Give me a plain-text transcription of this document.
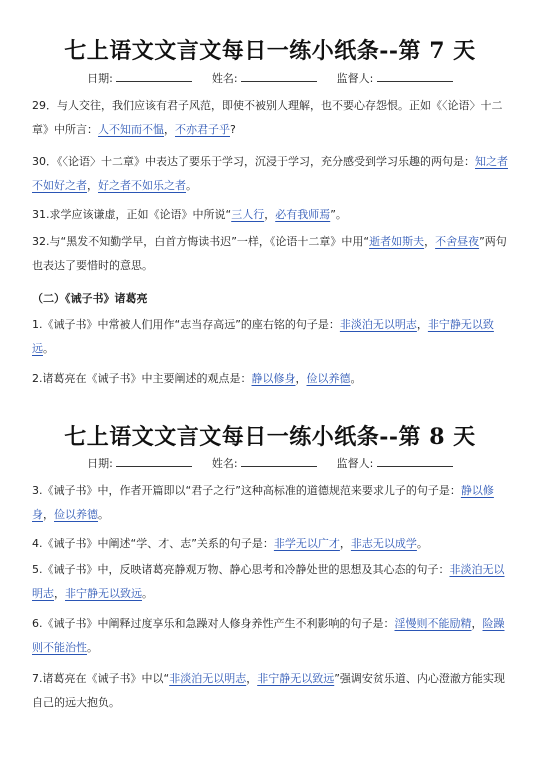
七上语文文言文每日一练小纸条--第 7 天
日期:	姓名:	监督人:
29．与人交往，我们应该有君子风范，即使不被别人理解，也不要心存怨恨。正如《〈论语〉十二章》中所言：人不知而不愠，不亦君子乎?
30．《〈论语〉十二章》中表达了要乐于学习，沉浸于学习，充分感受到学习乐趣的两句是：知之者不如好之者，好之者不如乐之者。
31.求学应该谦虚，正如《论语》中所说“三人行，必有我师焉”。
32.与“黑发不知勤学早，白首方悔读书迟”一样，《论语十二章》中用“逝者如斯夫，不舍昼夜”两句也表达了要惜时的意思。
（二）《诫子书》诸葛亮
1.《诫子书》中常被人们用作“志当存高远”的座右铭的句子是：非淡泊无以明志，非宁静无以致远。
2.诸葛亮在《诫子书》中主要阐述的观点是：静以修身，俭以养德。
七上语文文言文每日一练小纸条--第 8 天
日期:	姓名:	监督人:
3.《诫子书》中，作者开篇即以“君子之行”这种高标准的道德规范来要求儿子的句子是：静以修身，俭以养德。
4.《诫子书》中阐述“学、才、志”关系的句子是：非学无以广才，非志无以成学。
5.《诫子书》中，反映诸葛亮静观万物、静心思考和冷静处世的思想及其心态的句子：非淡泊无以明志，非宁静无以致远。
6.《诫子书》中阐释过度享乐和急躁对人修身养性产生不利影响的句子是：淫慢则不能励精，险躁则不能治性。
7.诸葛亮在《诫子书》中以“非淡泊无以明志，非宁静无以致远”强调安贫乐道、内心澄澈方能实现自己的远大抱负。
